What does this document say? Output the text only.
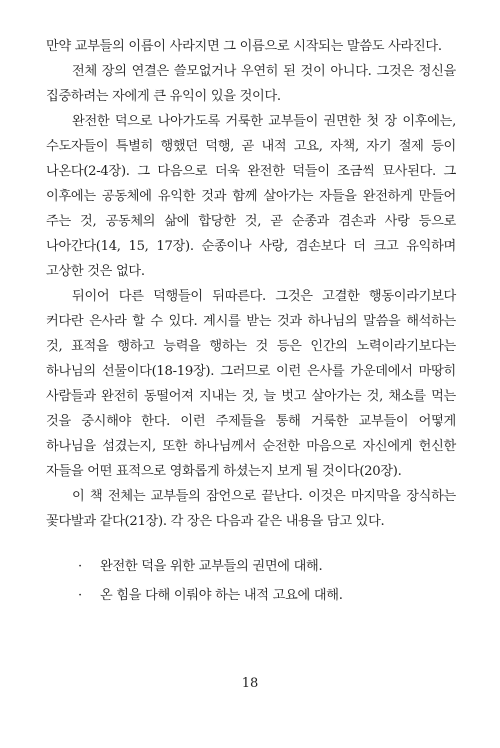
만약 교부들의 이름이 사라지면 그 이름으로 시작되는 말씀도 사라진다.

전체 장의 연결은 쓸모없거나 우연히 된 것이 아니다. 그것은 정신을 집중하려는 자에게 큰 유익이 있을 것이다.

완전한 덕으로 나아가도록 거룩한 교부들이 권면한 첫 장 이후에는, 수도자들이 특별히 행했던 덕행, 곧 내적 고요, 자책, 자기 절제 등이 나온다(2-4장). 그 다음으로 더욱 완전한 덕들이 조금씩 묘사된다. 그 이후에는 공동체에 유익한 것과 함께 살아가는 자들을 완전하게 만들어 주는 것, 공동체의 삶에 합당한 것, 곧 순종과 겸손과 사랑 등으로 나아간다(14, 15, 17장). 순종이나 사랑, 겸손보다 더 크고 유익하며 고상한 것은 없다.

뒤이어 다른 덕행들이 뒤따른다. 그것은 고결한 행동이라기보다 커다란 은사라 할 수 있다. 계시를 받는 것과 하나님의 말씀을 해석하는 것, 표적을 행하고 능력을 행하는 것 등은 인간의 노력이라기보다는 하나님의 선물이다(18-19장). 그러므로 이런 은사를 가운데에서 마땅히 사람들과 완전히 동떨어져 지내는 것, 늘 벗고 살아가는 것, 채소를 먹는 것을 중시해야 한다. 이런 주제들을 통해 거룩한 교부들이 어떻게 하나님을 섬겼는지, 또한 하나님께서 순전한 마음으로 자신에게 헌신한 자들을 어떤 표적으로 영화롭게 하셨는지 보게 될 것이다(20장).

이 책 전체는 교부들의 잠언으로 끝난다. 이것은 마지막을 장식하는 꽃다발과 같다(21장). 각 장은 다음과 같은 내용을 담고 있다.

·	완전한 덕을 위한 교부들의 권면에 대해.
·	온 힘을 다해 이뤄야 하는 내적 고요에 대해.
18
